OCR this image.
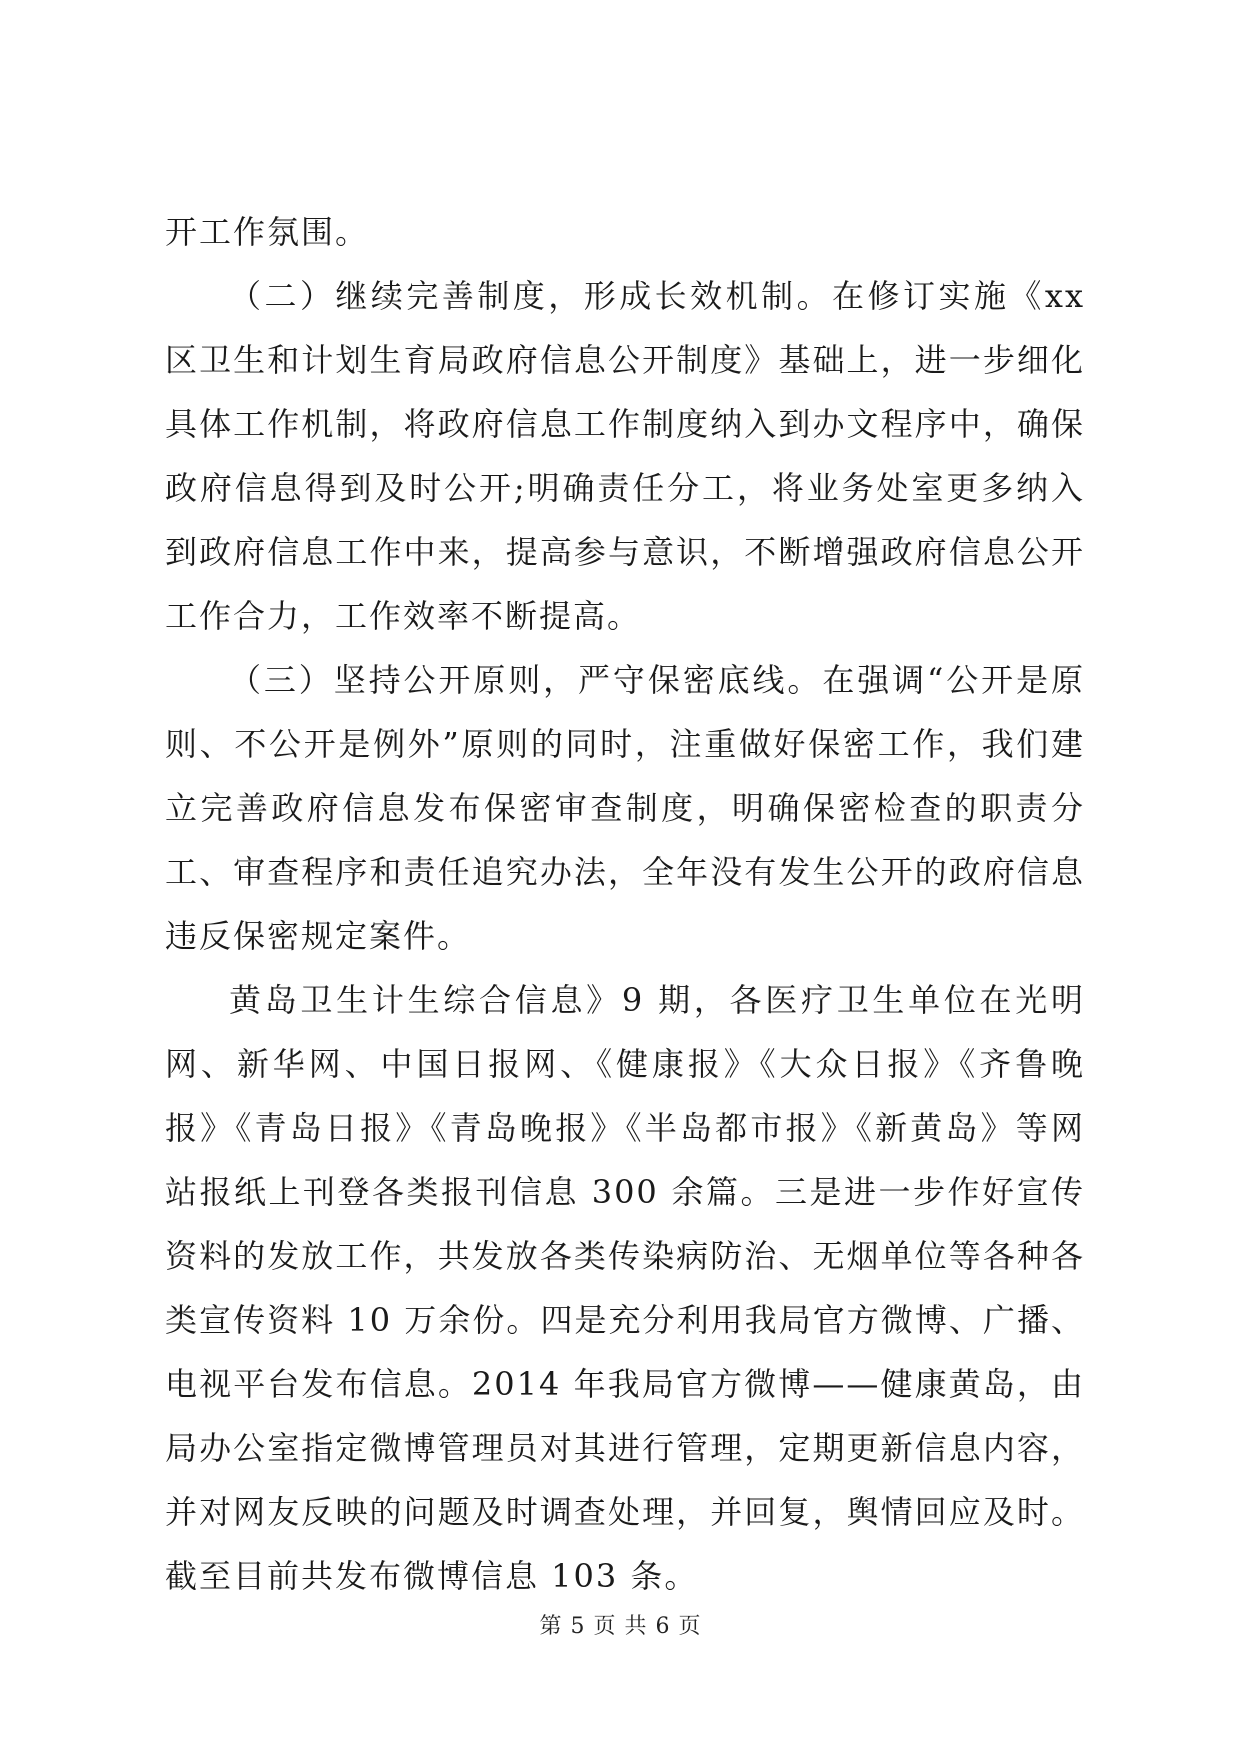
开工作氛围。

（二）继续完善制度，形成长效机制。在修订实施《xx 区卫生和计划生育局政府信息公开制度》基础上，进一步细化具体工作机制，将政府信息工作制度纳入到办文程序中，确保政府信息得到及时公开;明确责任分工，将业务处室更多纳入到政府信息工作中来，提高参与意识，不断增强政府信息公开工作合力，工作效率不断提高。

（三）坚持公开原则，严守保密底线。在强调“公开是原则、不公开是例外”原则的同时，注重做好保密工作，我们建立完善政府信息发布保密审查制度，明确保密检查的职责分工、审查程序和责任追究办法，全年没有发生公开的政府信息违反保密规定案件。

黄岛卫生计生综合信息》9 期，各医疗卫生单位在光明网、新华网、中国日报网、《健康报》《大众日报》《齐鲁晚报》《青岛日报》《青岛晚报》《半岛都市报》《新黄岛》等网站报纸上刊登各类报刊信息 300 余篇。三是进一步作好宣传资料的发放工作，共发放各类传染病防治、无烟单位等各种各类宣传资料 10 万余份。四是充分利用我局官方微博、广播、电视平台发布信息。2014 年我局官方微博——健康黄岛，由局办公室指定微博管理员对其进行管理，定期更新信息内容，并对网友反映的问题及时调查处理，并回复，舆情回应及时。截至目前共发布微博信息 103 条。

第 5 页 共 6 页
